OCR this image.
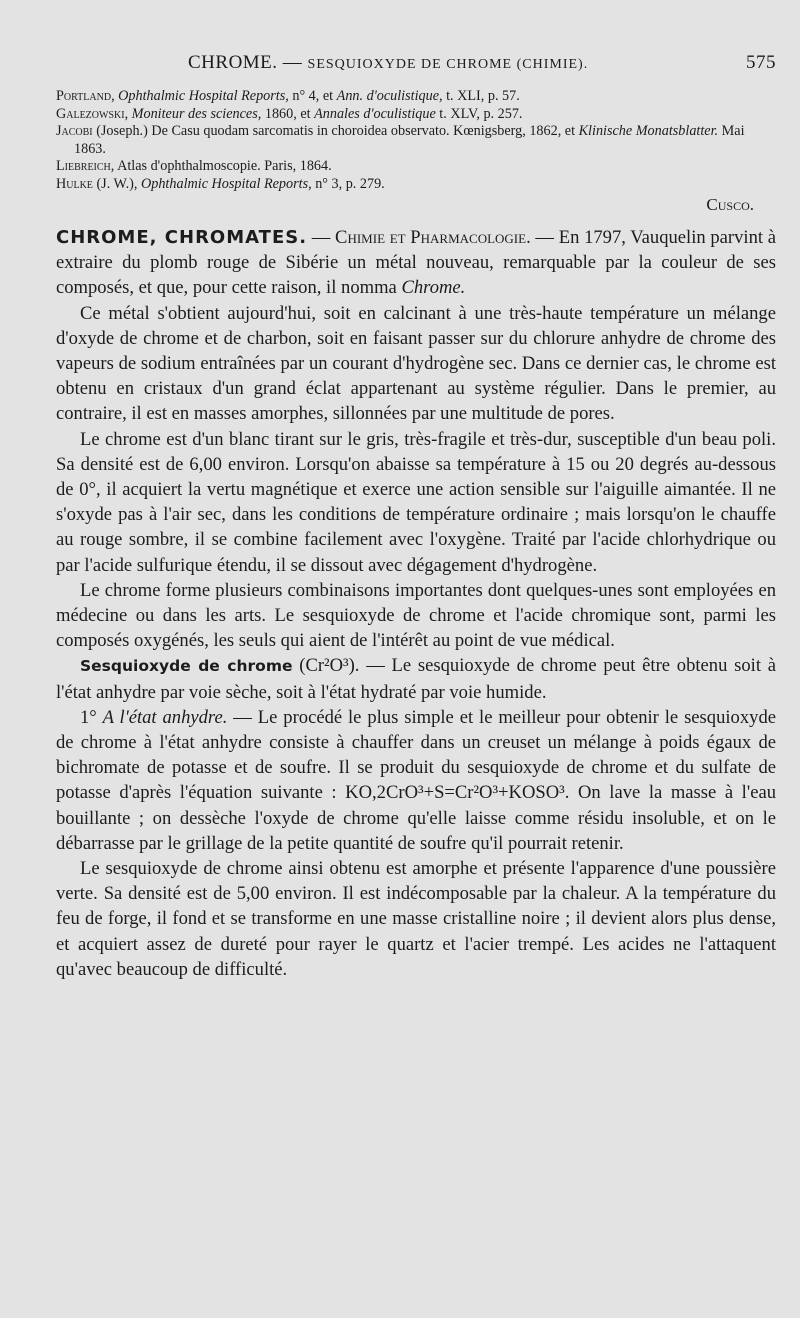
CHROME. — SESQUIOXYDE DE CHROME (CHIMIE).	575

Portland, Ophthalmic Hospital Reports, n° 4, et Ann. d'oculistique, t. XLI, p. 57.

Galezowski, Moniteur des sciences, 1860, et Annales d'oculistique t. XLV, p. 257.

Jacobi (Joseph.) De Casu quodam sarcomatis in choroidea observato. Kœnigsberg, 1862, et Klinische Monatsblatter. Mai 1863.

Liebreich, Atlas d'ophthalmoscopie. Paris, 1864.

Hulke (J. W.), Ophthalmic Hospital Reports, n° 3, p. 279.

Cusco.

CHROME, CHROMATES. — Chimie et Pharmacologie. — En 1797, Vauquelin parvint à extraire du plomb rouge de Sibérie un métal nouveau, remarquable par la couleur de ses composés, et que, pour cette raison, il nomma Chrome.

Ce métal s'obtient aujourd'hui, soit en calcinant à une très-haute température un mélange d'oxyde de chrome et de charbon, soit en faisant passer sur du chlorure anhydre de chrome des vapeurs de sodium entraînées par un courant d'hydrogène sec. Dans ce dernier cas, le chrome est obtenu en cristaux d'un grand éclat appartenant au système régulier. Dans le premier, au contraire, il est en masses amorphes, sillonnées par une multitude de pores.

Le chrome est d'un blanc tirant sur le gris, très-fragile et très-dur, susceptible d'un beau poli. Sa densité est de 6,00 environ. Lorsqu'on abaisse sa température à 15 ou 20 degrés au-dessous de 0°, il acquiert la vertu magnétique et exerce une action sensible sur l'aiguille aimantée. Il ne s'oxyde pas à l'air sec, dans les conditions de température ordinaire ; mais lorsqu'on le chauffe au rouge sombre, il se combine facilement avec l'oxygène. Traité par l'acide chlorhydrique ou par l'acide sulfurique étendu, il se dissout avec dégagement d'hydrogène.

Le chrome forme plusieurs combinaisons importantes dont quelques-unes sont employées en médecine ou dans les arts. Le sesquioxyde de chrome et l'acide chromique sont, parmi les composés oxygénés, les seuls qui aient de l'intérêt au point de vue médical.

Sesquioxyde de chrome (Cr²O³). — Le sesquioxyde de chrome peut être obtenu soit à l'état anhydre par voie sèche, soit à l'état hydraté par voie humide.

1° A l'état anhydre. — Le procédé le plus simple et le meilleur pour obtenir le sesquioxyde de chrome à l'état anhydre consiste à chauffer dans un creuset un mélange à poids égaux de bichromate de potasse et de soufre. Il se produit du sesquioxyde de chrome et du sulfate de potasse d'après l'équation suivante : KO,2CrO³+S=Cr²O³+KOSO³. On lave la masse à l'eau bouillante ; on dessèche l'oxyde de chrome qu'elle laisse comme résidu insoluble, et on le débarrasse par le grillage de la petite quantité de soufre qu'il pourrait retenir.

Le sesquioxyde de chrome ainsi obtenu est amorphe et présente l'apparence d'une poussière verte. Sa densité est de 5,00 environ. Il est indécomposable par la chaleur. A la température du feu de forge, il fond et se transforme en une masse cristalline noire ; il devient alors plus dense, et acquiert assez de dureté pour rayer le quartz et l'acier trempé. Les acides ne l'attaquent qu'avec beaucoup de difficulté.
